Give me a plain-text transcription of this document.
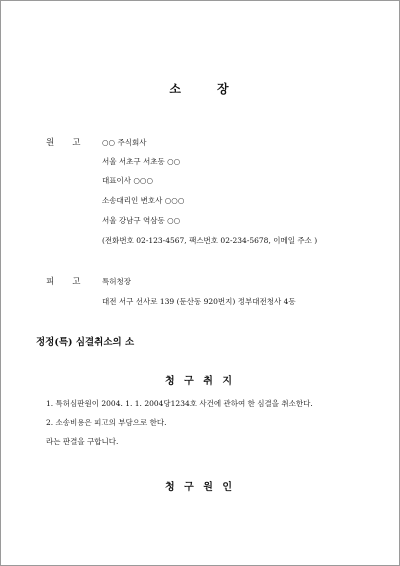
소	장
원 고	○○ 주식회사
서울 서초구 서초동 ○○
대표이사 ○○○
소송대리인 변호사 ○○○
서울 강남구 역삼동 ○○
(전화번호 02-123-4567, 팩스번호 02-234-5678, 이메일 주소 )
피 고	특허청장
대전 서구 선사로 139 (둔산동 920번지) 정부대전청사 4동
정정(특) 심결취소의 소
청 구 취 지
1. 특허심판원이 2004. 1. 1. 2004당1234호 사건에 관하여 한 심결을 취소한다.
2. 소송비용은 피고의 부담으로 한다.
라는 판결을 구합니다.
청 구 원 인
